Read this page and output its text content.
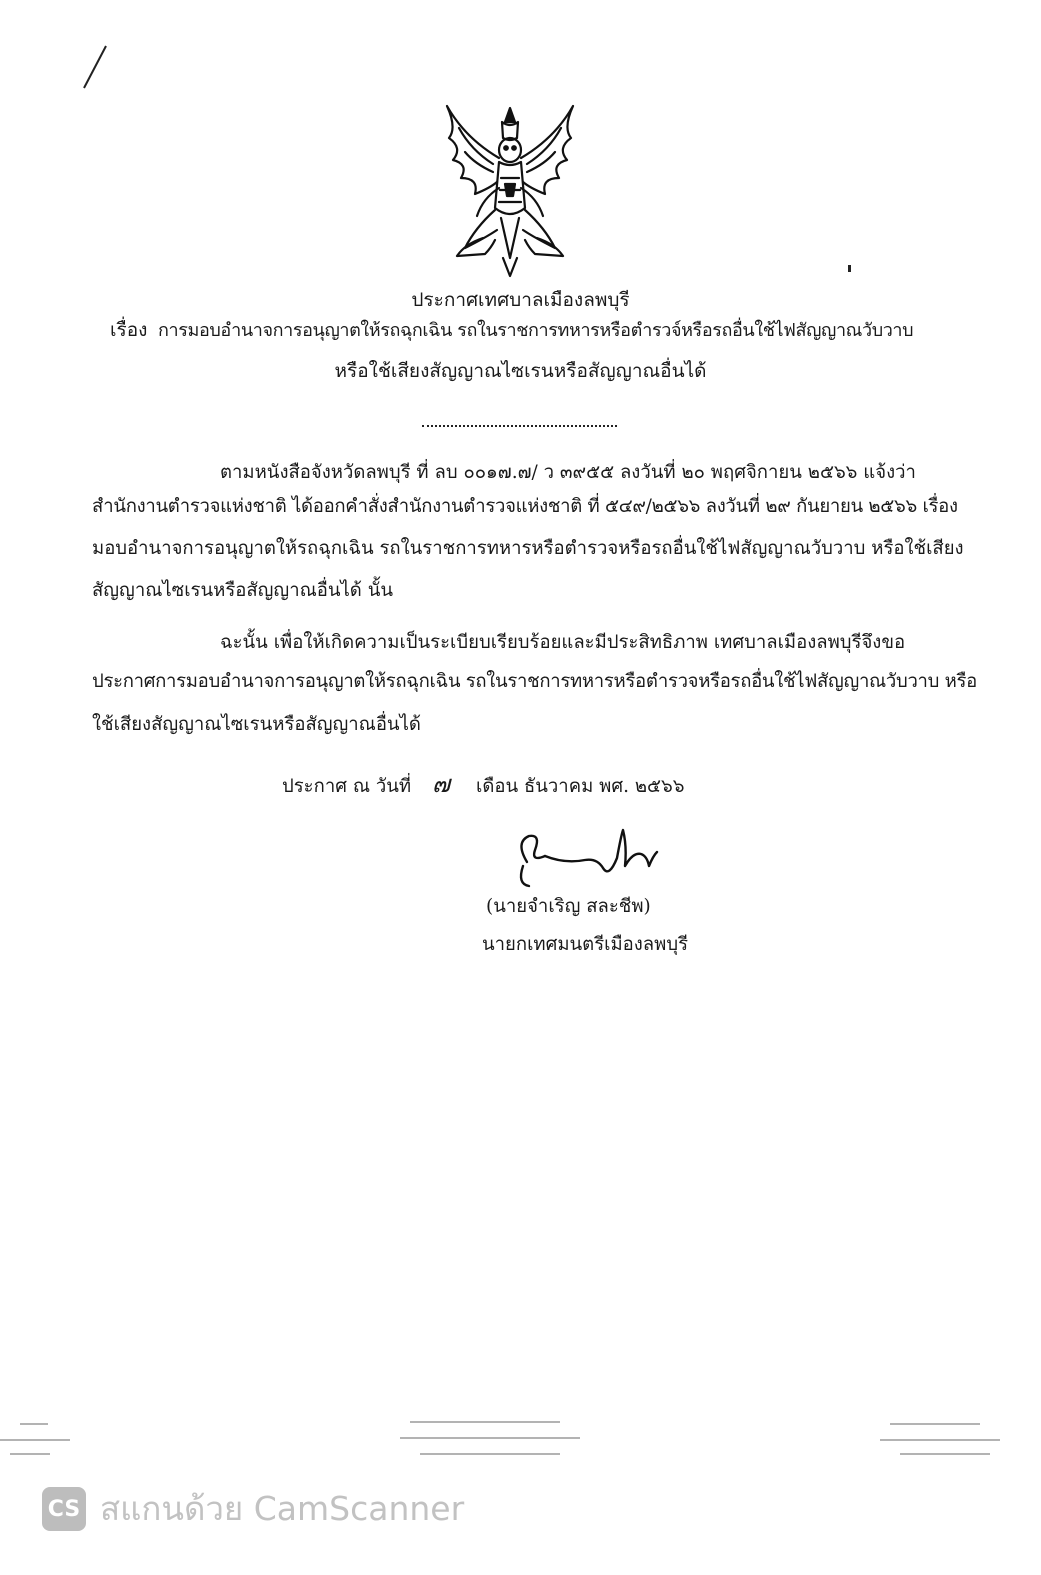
ประกาศเทศบาลเมืองลพบุรี
เรื่อง การมอบอำนาจการอนุญาตให้รถฉุกเฉิน รถในราชการทหารหรือตำรวจ์หรือรถอื่นใช้ไฟสัญญาณวับวาบ
หรือใช้เสียงสัญญาณไซเรนหรือสัญญาณอื่นได้
ตามหนังสือจังหวัดลพบุรี ที่ ลบ ๐๐๑๗.๗/ ว ๓๙๕๕ ลงวันที่ ๒๐ พฤศจิกายน ๒๕๖๖ แจ้งว่า
สำนักงานตำรวจแห่งชาติ ได้ออกคำสั่งสำนักงานตำรวจแห่งชาติ ที่ ๕๔๙/๒๕๖๖ ลงวันที่ ๒๙ กันยายน ๒๕๖๖ เรื่อง
มอบอำนาจการอนุญาตให้รถฉุกเฉิน รถในราชการทหารหรือตำรวจหรือรถอื่นใช้ไฟสัญญาณวับวาบ หรือใช้เสียง
สัญญาณไซเรนหรือสัญญาณอื่นได้ นั้น
ฉะนั้น เพื่อให้เกิดความเป็นระเบียบเรียบร้อยและมีประสิทธิภาพ เทศบาลเมืองลพบุรีจึงขอ
ประกาศการมอบอำนาจการอนุญาตให้รถฉุกเฉิน รถในราชการทหารหรือตำรวจหรือรถอื่นใช้ไฟสัญญาณวับวาบ หรือ
ใช้เสียงสัญญาณไซเรนหรือสัญญาณอื่นได้
ประกาศ ณ วันที่ ๗ เดือน ธันวาคม พศ. ๒๕๖๖
(นายจำเริญ สละชีพ)
นายกเทศมนตรีเมืองลพบุรี
CS สแกนด้วย CamScanner
